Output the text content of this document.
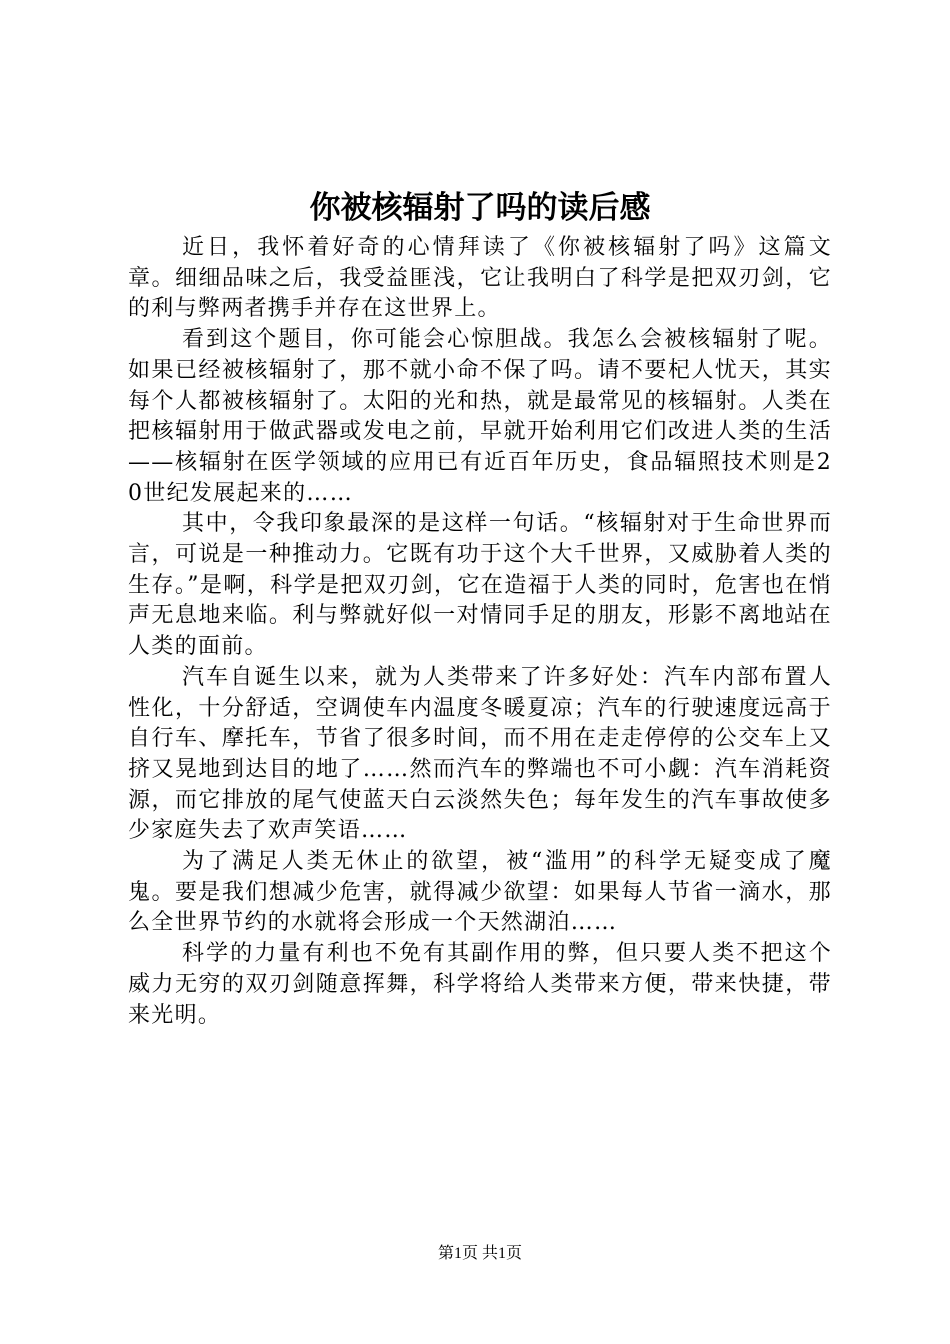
你被核辐射了吗的读后感

近日，我怀着好奇的心情拜读了《你被核辐射了吗》这篇文章。细细品味之后，我受益匪浅，它让我明白了科学是把双刃剑，它的利与弊两者携手并存在这世界上。

看到这个题目，你可能会心惊胆战。我怎么会被核辐射了呢。如果已经被核辐射了，那不就小命不保了吗。请不要杞人忧天，其实每个人都被核辐射了。太阳的光和热，就是最常见的核辐射。人类在把核辐射用于做武器或发电之前，早就开始利用它们改进人类的生活——核辐射在医学领域的应用已有近百年历史，食品辐照技术则是20世纪发展起来的……

其中，令我印象最深的是这样一句话。“核辐射对于生命世界而言，可说是一种推动力。它既有功于这个大千世界，又威胁着人类的生存。”是啊，科学是把双刃剑，它在造福于人类的同时，危害也在悄声无息地来临。利与弊就好似一对情同手足的朋友，形影不离地站在人类的面前。

汽车自诞生以来，就为人类带来了许多好处：汽车内部布置人性化，十分舒适，空调使车内温度冬暖夏凉；汽车的行驶速度远高于自行车、摩托车，节省了很多时间，而不用在走走停停的公交车上又挤又晃地到达目的地了……然而汽车的弊端也不可小觑：汽车消耗资源，而它排放的尾气使蓝天白云淡然失色；每年发生的汽车事故使多少家庭失去了欢声笑语……

为了满足人类无休止的欲望，被“滥用”的科学无疑变成了魔鬼。要是我们想减少危害，就得减少欲望：如果每人节省一滴水，那么全世界节约的水就将会形成一个天然湖泊……

科学的力量有利也不免有其副作用的弊，但只要人类不把这个威力无穷的双刃剑随意挥舞，科学将给人类带来方便，带来快捷，带来光明。

第1页 共1页
